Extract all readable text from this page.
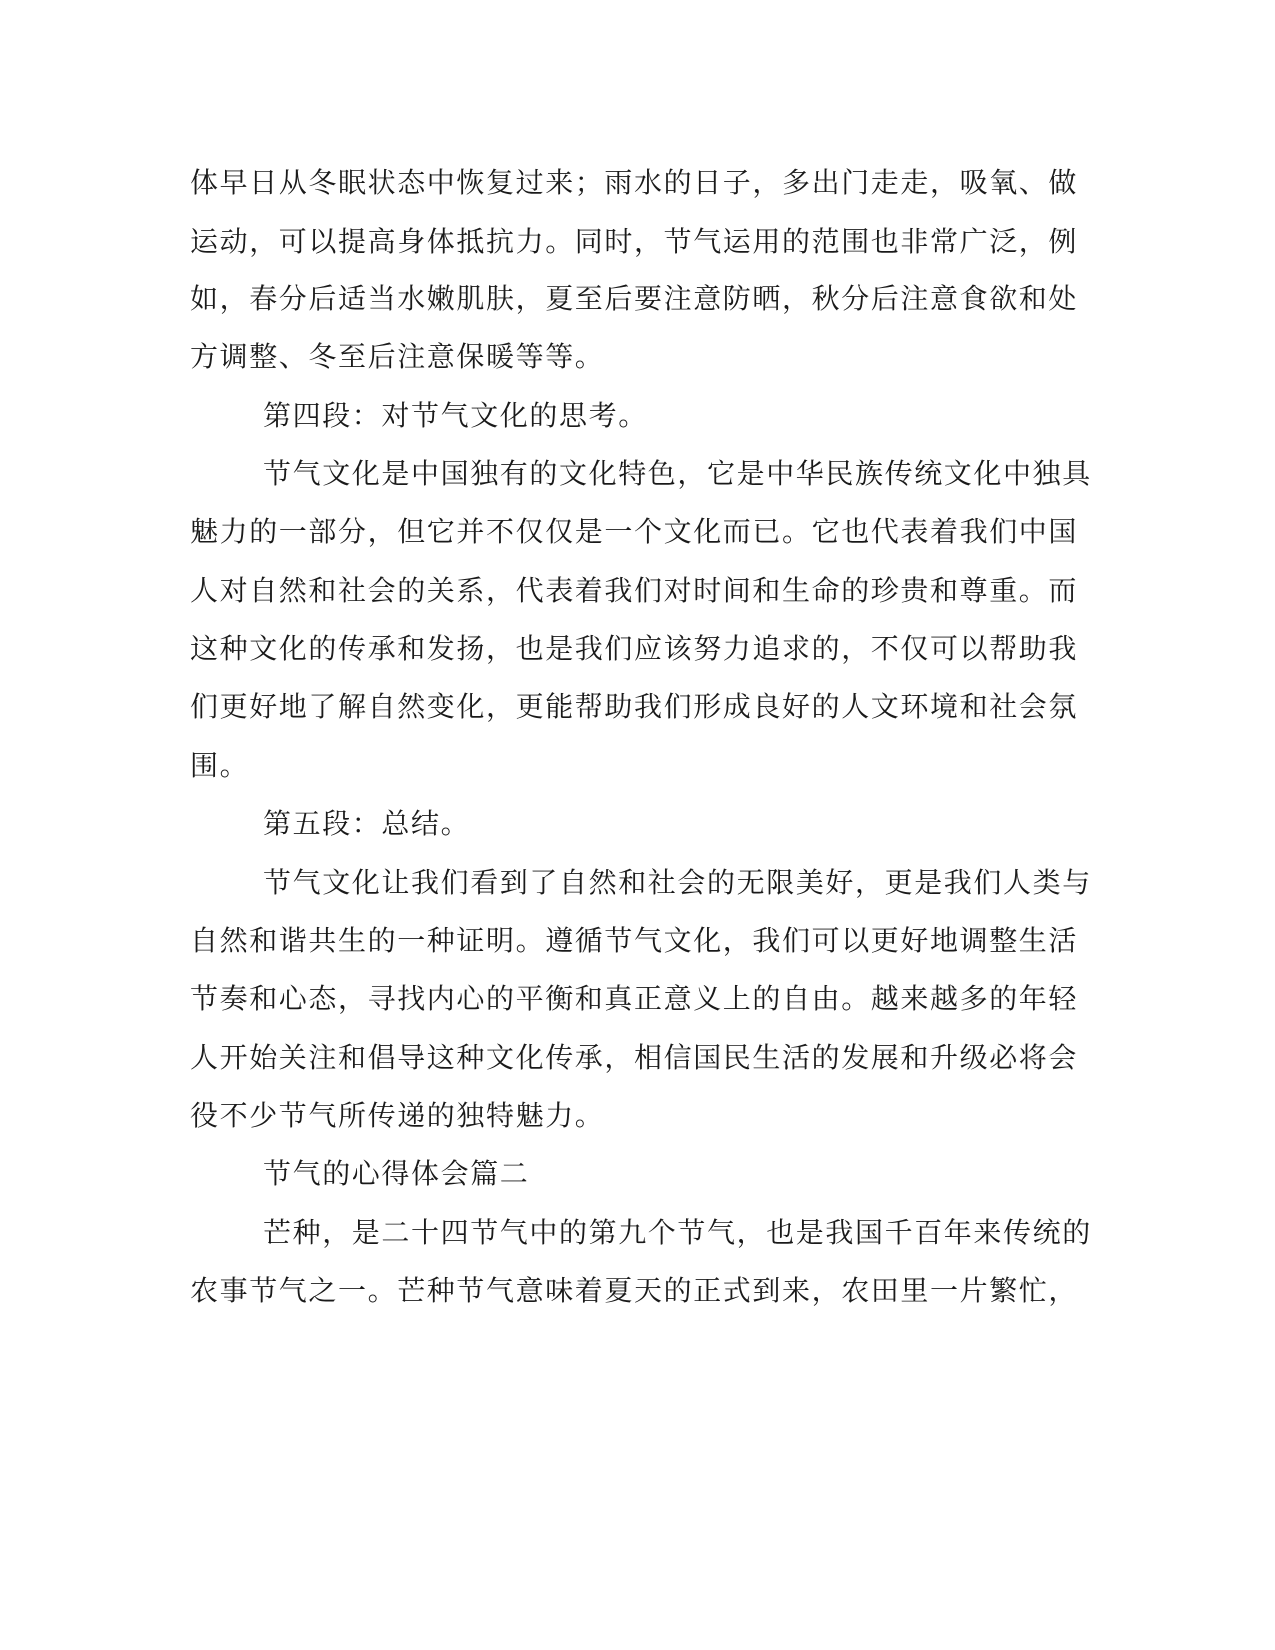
体早日从冬眠状态中恢复过来；雨水的日子，多出门走走，吸氧、做
运动，可以提高身体抵抗力。同时，节气运用的范围也非常广泛，例
如，春分后适当水嫩肌肤，夏至后要注意防晒，秋分后注意食欲和处
方调整、冬至后注意保暖等等。
第四段：对节气文化的思考。
节气文化是中国独有的文化特色，它是中华民族传统文化中独具
魅力的一部分，但它并不仅仅是一个文化而已。它也代表着我们中国
人对自然和社会的关系，代表着我们对时间和生命的珍贵和尊重。而
这种文化的传承和发扬，也是我们应该努力追求的，不仅可以帮助我
们更好地了解自然变化，更能帮助我们形成良好的人文环境和社会氛
围。
第五段：总结。
节气文化让我们看到了自然和社会的无限美好，更是我们人类与
自然和谐共生的一种证明。遵循节气文化，我们可以更好地调整生活
节奏和心态，寻找内心的平衡和真正意义上的自由。越来越多的年轻
人开始关注和倡导这种文化传承，相信国民生活的发展和升级必将会
役不少节气所传递的独特魅力。
节气的心得体会篇二
芒种，是二十四节气中的第九个节气，也是我国千百年来传统的
农事节气之一。芒种节气意味着夏天的正式到来，农田里一片繁忙，
